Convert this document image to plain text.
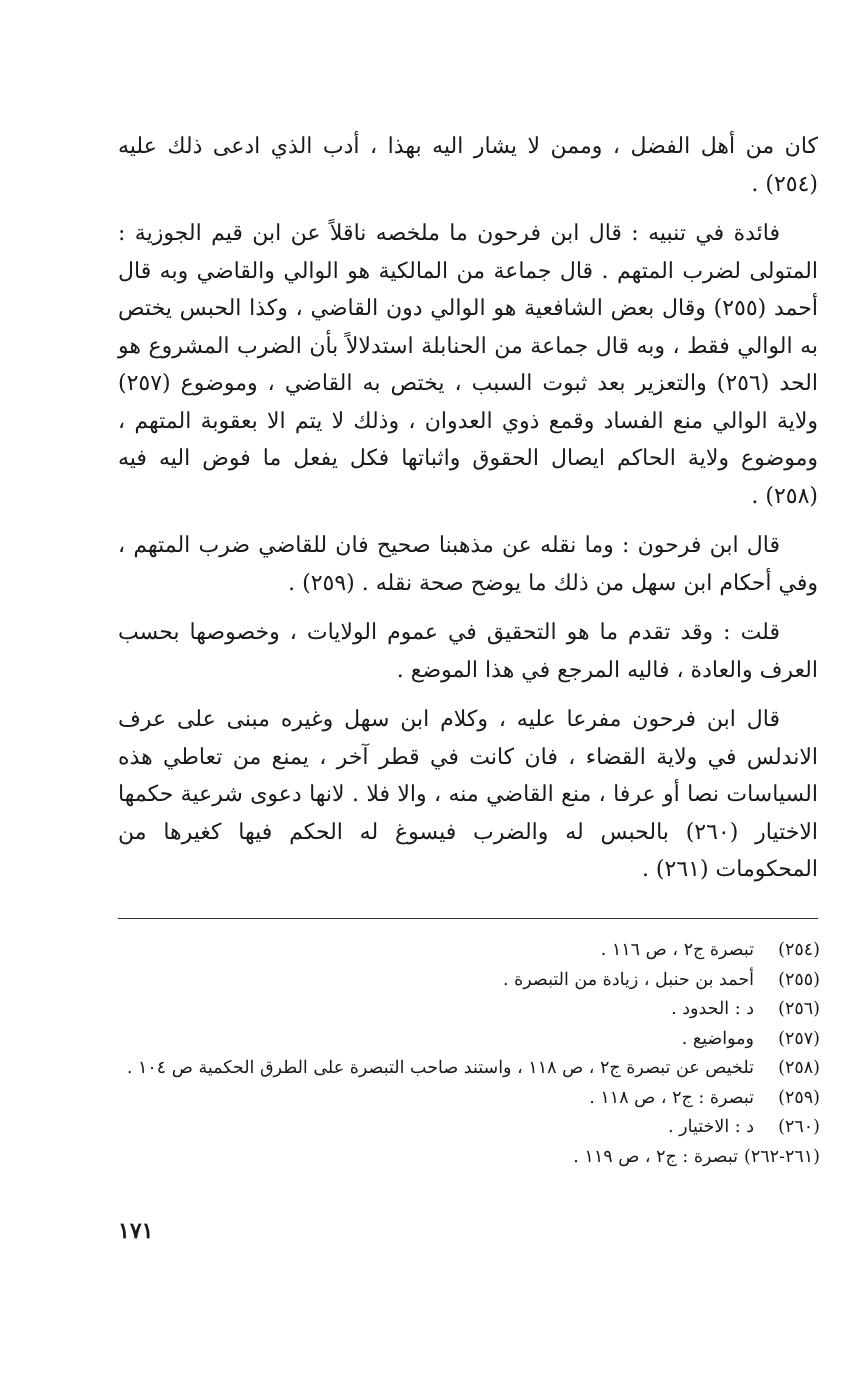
كان من أهل الفضل ، وممن لا يشار اليه بهذا ، أدب الذي ادعى ذلك عليه (٢٥٤) .

فائدة في تنبيه : قال ابن فرحون ما ملخصه ناقلاً عن ابن قيم الجوزية : المتولى لضرب المتهم . قال جماعة من المالكية هو الوالي والقاضي وبه قال أحمد (٢٥٥) وقال بعض الشافعية هو الوالي دون القاضي ، وكذا الحبس يختص به الوالي فقط ، وبه قال جماعة من الحنابلة استدلالاً بأن الضرب المشروع هو الحد (٢٥٦) والتعزير بعد ثبوت السبب ، يختص به القاضي ، وموضوع (٢٥٧) ولاية الوالي منع الفساد وقمع ذوي العدوان ، وذلك لا يتم الا بعقوبة المتهم ، وموضوع ولاية الحاكم ايصال الحقوق واثباتها فكل يفعل ما فوض اليه فيه (٢٥٨) .

قال ابن فرحون : وما نقله عن مذهبنا صحيح فان للقاضي ضرب المتهم ، وفي أحكام ابن سهل من ذلك ما يوضح صحة نقله . (٢٥٩) .

قلت : وقد تقدم ما هو التحقيق في عموم الولايات ، وخصوصها بحسب العرف والعادة ، فاليه المرجع في هذا الموضع .

قال ابن فرحون مفرعا عليه ، وكلام ابن سهل وغيره مبنى على عرف الاندلس في ولاية القضاء ، فان كانت في قطر آخر ، يمنع من تعاطي هذه السياسات نصا أو عرفا ، منع القاضي منه ، والا فلا . لانها دعوى شرعية حكمها الاختيار (٢٦٠) بالحبس له والضرب فيسوغ له الحكم فيها كغيرها من المحكومات (٢٦١) .

(٢٥٤)
تبصرة ج٢ ، ص ١١٦ .
(٢٥٥)
أحمد بن حنبل ، زيادة من التبصرة .
(٢٥٦)
د : الحدود .
(٢٥٧)
ومواضيع .
(٢٥٨)
تلخيص عن تبصرة ج٢ ، ص ١١٨ ، واستند صاحب التبصرة على الطرق الحكمية ص ١٠٤ .
(٢٥٩)
تبصرة : ج٢ ، ص ١١٨ .
(٢٦٠)
د : الاختيار .
(٢٦١-٢٦٢)
تبصرة : ج٢ ، ص ١١٩ .
١٧١
